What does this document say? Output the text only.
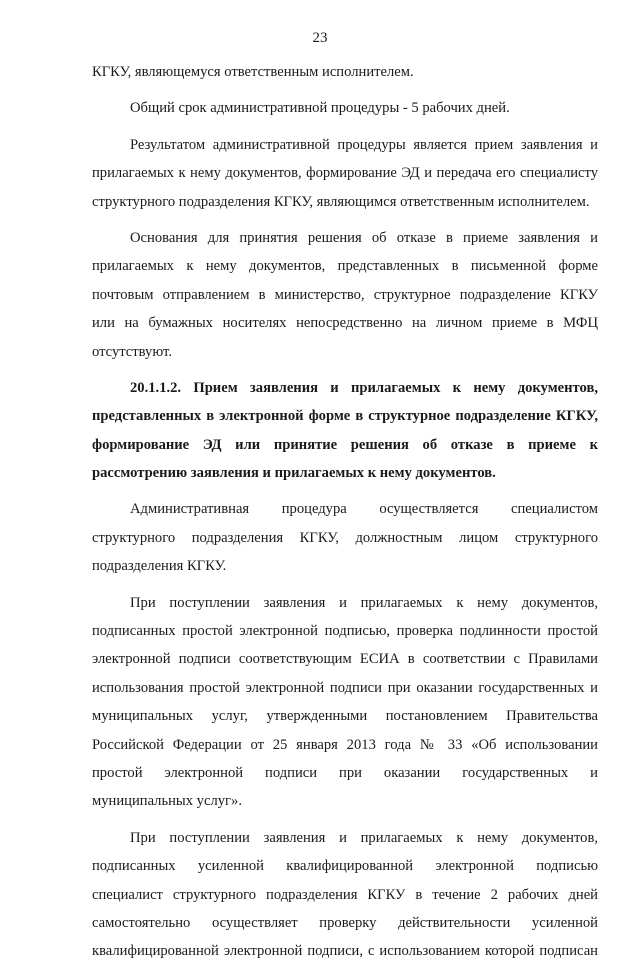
23
КГКУ, являющемуся ответственным исполнителем.
Общий срок административной процедуры - 5 рабочих дней.
Результатом административной процедуры является прием заявления и
прилагаемых к нему документов, формирование ЭД и передача его специалисту
структурного подразделения КГКУ, являющимся ответственным исполнителем.
Основания для принятия решения об отказе в приеме заявления и
прилагаемых к нему документов, представленных в письменной форме
почтовым отправлением в министерство, структурное подразделение КГКУ
или на бумажных носителях непосредственно на личном приеме в МФЦ
отсутствуют.
20.1.1.2. Прием заявления и прилагаемых к нему документов,
представленных в электронной форме в структурное подразделение КГКУ,
формирование ЭД или принятие решения об отказе в приеме к
рассмотрению заявления и прилагаемых к нему документов.
Административная процедура осуществляется специалистом
структурного подразделения КГКУ, должностным лицом структурного
подразделения КГКУ.
При поступлении заявления и прилагаемых к нему документов,
подписанных простой электронной подписью, проверка подлинности простой
электронной подписи соответствующим ЕСИА в соответствии с Правилами
использования простой электронной подписи при оказании государственных и
муниципальных услуг, утвержденными постановлением Правительства
Российской Федерации от 25 января 2013 года № 33 «Об использовании
простой электронной подписи при оказании государственных и
муниципальных услуг».
При поступлении заявления и прилагаемых к нему документов,
подписанных усиленной квалифицированной электронной подписью
специалист структурного подразделения КГКУ в течение 2 рабочих дней
самостоятельно осуществляет проверку действительности усиленной
квалифицированной электронной подписи, с использованием которой подписан
